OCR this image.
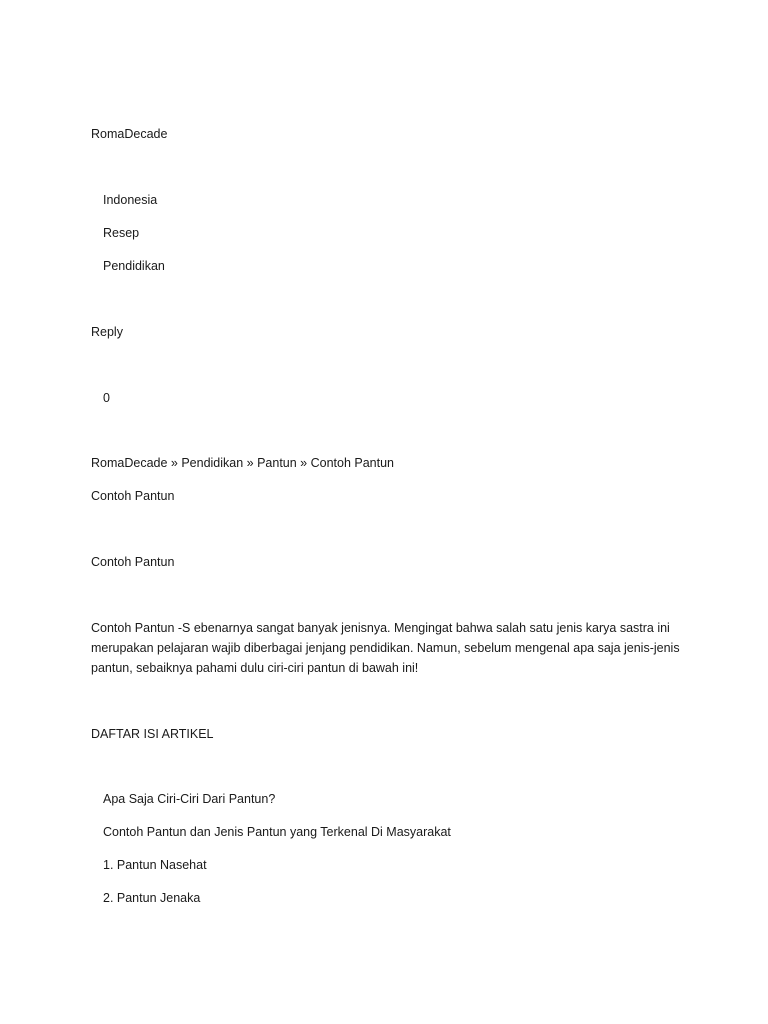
RomaDecade
Indonesia
Resep
Pendidikan
Reply
0
RomaDecade » Pendidikan » Pantun » Contoh Pantun
Contoh Pantun
Contoh Pantun
Contoh Pantun -S ebenarnya sangat banyak jenisnya. Mengingat bahwa salah satu jenis karya sastra ini merupakan pelajaran wajib diberbagai jenjang pendidikan. Namun, sebelum mengenal apa saja jenis-jenis pantun, sebaiknya pahami dulu ciri-ciri pantun di bawah ini!
DAFTAR ISI ARTIKEL
Apa Saja Ciri-Ciri Dari Pantun?
Contoh Pantun dan Jenis Pantun yang Terkenal Di Masyarakat
1. Pantun Nasehat
2. Pantun Jenaka
